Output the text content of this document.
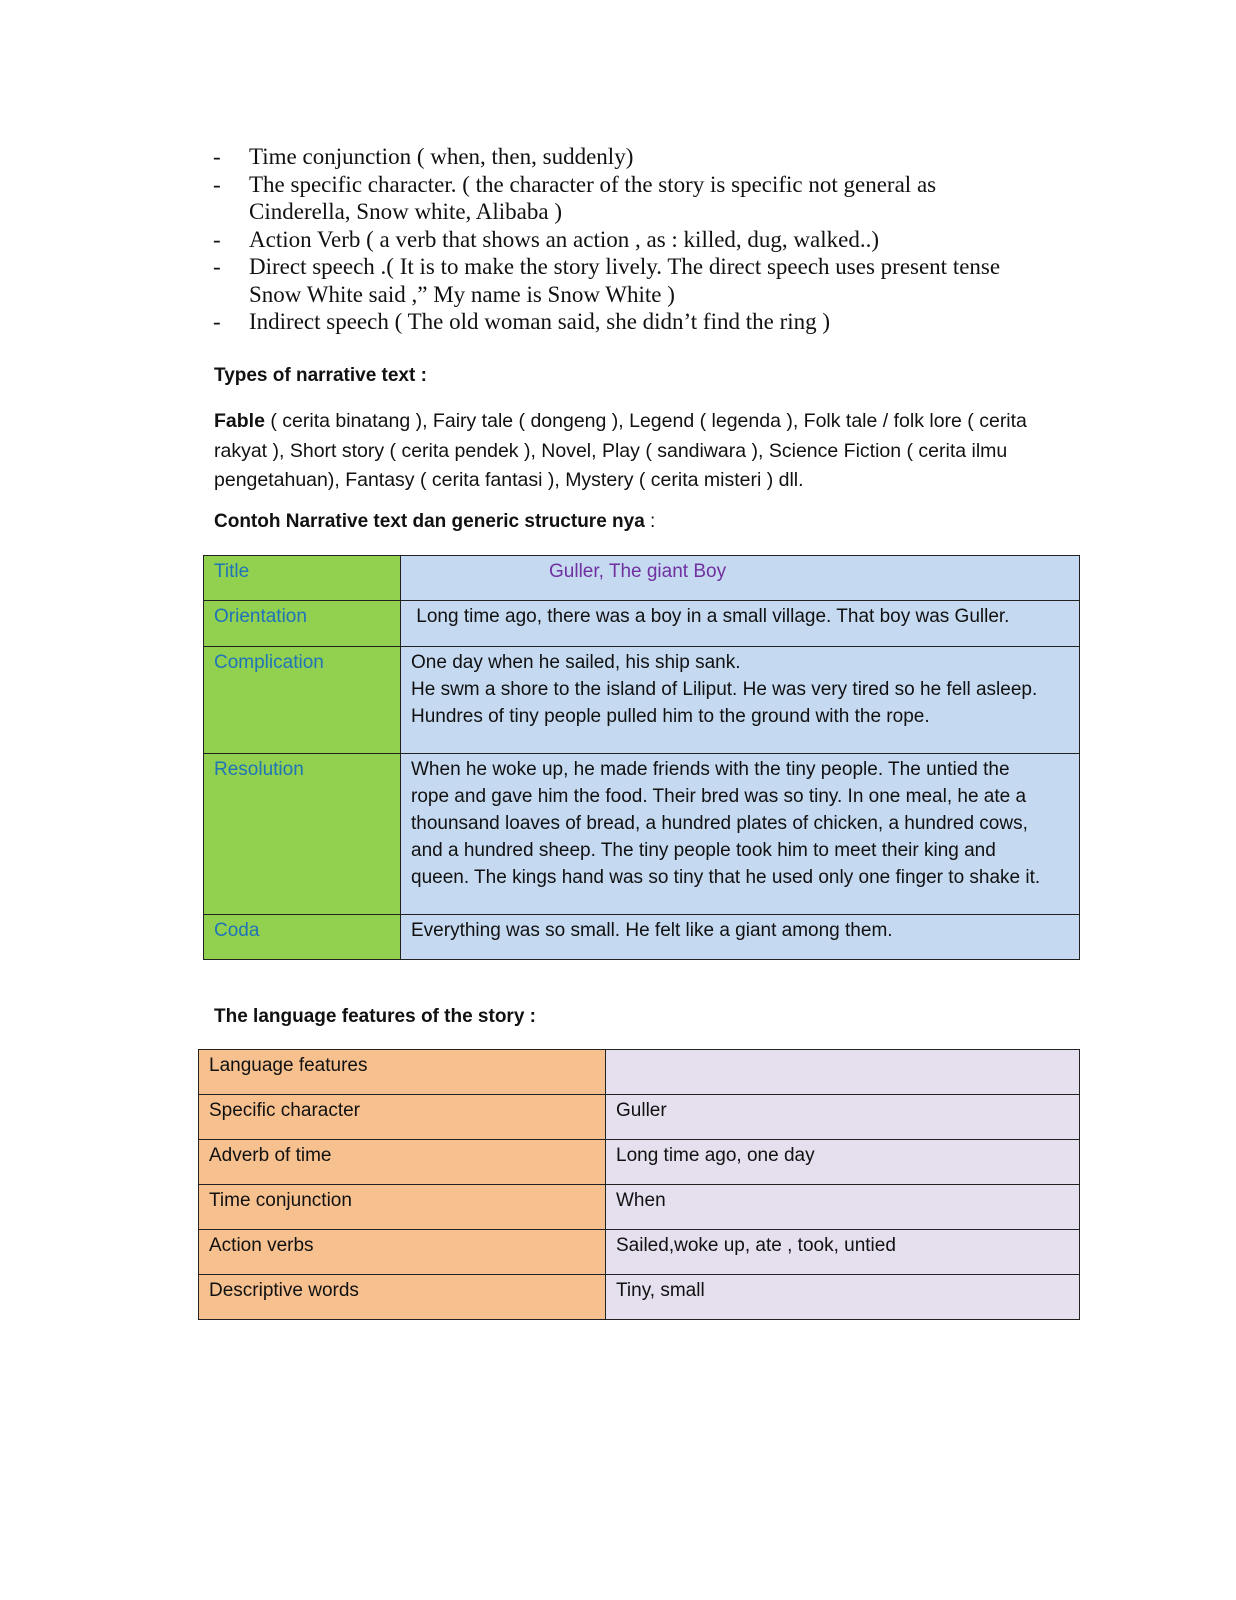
-	Time conjunction ( when, then, suddenly)
-	The specific character. ( the character of the story is specific not general as
Cinderella, Snow white, Alibaba )
-	Action Verb ( a verb that shows an action , as : killed, dug, walked..)
-	Direct speech .( It is to make the story lively. The direct speech uses present tense
Snow White said ,” My name is Snow White )
-	Indirect speech ( The old woman said, she didn’t find the ring )
Types of narrative text :
Fable ( cerita binatang ), Fairy tale ( dongeng ), Legend ( legenda ), Folk tale / folk lore ( cerita rakyat ), Short story ( cerita pendek ), Novel, Play ( sandiwara ), Science Fiction ( cerita ilmu pengetahuan), Fantasy ( cerita fantasi ), Mystery ( cerita misteri ) dll.
Contoh Narrative text dan generic structure nya :
Title	Guller, The giant Boy

Orientation	Long time ago, there was a boy in a small village. That boy was Guller.

Complication	One day when he sailed, his ship sank.
He swm a shore to the island of Liliput. He was very tired so he fell asleep.
Hundres of tiny people pulled him to the ground with the rope.

Resolution	When he woke up, he made friends with the tiny people. The untied the
rope and gave him the food. Their bred was so tiny. In one meal, he ate a
thounsand loaves of bread, a hundred plates of chicken, a hundred cows,
and a hundred sheep. The tiny people took him to meet their king and
queen. The kings hand was so tiny that he used only one finger to shake it.

Coda	Everything was so small. He felt like a giant among them.
The language features of the story :
Language features	
Specific character	Guller
Adverb of time	Long time ago, one day
Time conjunction	When
Action verbs	Sailed,woke up, ate , took, untied
Descriptive words	Tiny, small
